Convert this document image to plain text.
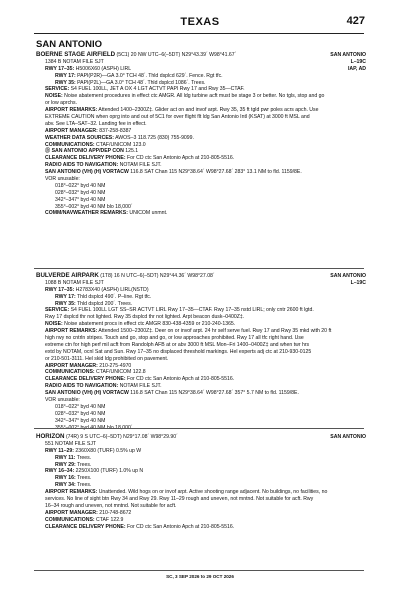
TEXAS	427
SAN ANTONIO
BOERNE STAGE AIRFIELD (5C1) 20 NW UTC–6(–5DT) N29°43.39´ W98°41.67´	SAN ANTONIO
1384 B NOTAM FILE SJT	L–19C
RWY 17–35: H5006X60 (ASPH) LIRL	IAP, AD
RWY 17: PAPI(P2R)—GA 3.0° TCH 48´. Thld dsplcd 629´. Fence. Rgt tfc.
RWY 35: PAPI(P2L)—GA 3.0° TCH 48´. Thld dsplcd 1086´. Trees.
SERVICE: S4 FUEL 100LL, JET A OX 4 LGT ACTVT PAPI Rwy 17 and Rwy 35—CTAF.
NOISE: Noise abatement procedures in effect ctc AMGR. All ldg turbine acft must be stage 3 or better. No tgls, stop and go
or low aprchs.
AIRPORT REMARKS: Attended 1400–2300Z‡. Glider act on and invof arpt. Rwy 35, 35 ft tgld pwr poles acrs apch. Use
EXTREME CAUTION when oprg into and out of 5C1 for over flight flt ldg San Antonio Intl (KSAT) at 3000 ft MSL and
abv. See LTA–SAT–32. Landing fee in effect.
AIRPORT MANAGER: 837-258-8387
WEATHER DATA SOURCES: AWOS–3 118.725 (830) 755-9099.
COMMUNICATIONS: CTAF/UNICOM 123.0
Ⓡ SAN ANTONIO APP/DEP CON 125.1
CLEARANCE DELIVERY PHONE: For CD ctc San Antonio Apch at 210-805-5516.
RADIO AIDS TO NAVIGATION: NOTAM FILE SJT.
SAN ANTONIO (VH) (H) VORTACW 116.8 SAT Chan 115 N29°38.64´ W98°27.68´ 283° 13.1 NM to fld. 1159/8E.
VOR unusable:
018°–022° byd 40 NM
028°–032° byd 40 NM
342°–347° byd 40 NM
355°–002° byd 40 NM blo 18,000´
COMM/NAVWEATHER REMARKS: UNICOM unmnt.
BULVERDE AIRPARK (1T8) 16 N UTC–6(–5DT) N29°44.36´ W98°27.08´	SAN ANTONIO
1088 B NOTAM FILE SJT	L–19C
RWY 17–35: H2783X40 (ASPH) LIRL(NSTD)
RWY 17: Thld dsplcd 490´. P–line. Rgt tfc.
RWY 35: Thld dsplcd 200´. Trees.
SERVICE: S4 FUEL 100LL LGT SS–SR ACTVT LIRL Rwy 17–35—CTAF. Rwy 17–35 nstd LIRL; only cntr 2600 ft lgtd.
Rwy 17 dsplcd thr not lighted. Rwy 35 dsplcd thr not lighted. Arpt beacon dusk–0400Z‡.
NOISE: Noise abatement procs in effect ctc AMGR 830-438-4359 or 210-240-1365.
AIRPORT REMARKS: Attended 1500–2300Z‡. Deer on or invof arpt. 24 hr self serve fuel. Rwy 17 and Rwy 35 mkd with 20 ft
high rwy no cntrln stripes. Touch and go, stop and go, or low approaches prohibited. Rwy 17 all tfc right hand. Use
extreme ctn for high perf mil acft from Randolph AFB at or abv 3000 ft MSL Mon–Fri 1400–0400Z‡ and when twr hrs
extd by NOTAM, ocnl Sat and Sun. Rwy 17–35 no displaced threshold markings. Hel experts adj ctc at 210-930-0125
or 210-501-3111. Hel skid ldg prohibited on pavement.
AIRPORT MANAGER: 210-275-4970
COMMUNICATIONS: CTAF/UNICOM 122.8
CLEARANCE DELIVERY PHONE: For CD ctc San Antonio Apch at 210-805-5516.
RADIO AIDS TO NAVIGATION: NOTAM FILE SJT.
SAN ANTONIO (VH) (H) VORTACW 116.8 SAT Chan 115 N29°38.64´ W98°27.68´ 357° 5.7 NM to fld. 1159/8E.
VOR unusable:
018°–022° byd 40 NM
028°–032° byd 40 NM
342°–347° byd 40 NM
355°–002° byd 40 NM blo 18,000´
HORIZON (74R) 9 S UTC–6(–5DT) N29°17.08´ W98°29.90´	SAN ANTONIO
551 NOTAM FILE SJT
RWY 11–29: 2360X80 (TURF) 0.5% up W
RWY 11: Trees.
RWY 29: Trees.
RWY 16–34: 2250X100 (TURF) 1.0% up N
RWY 16: Trees.
RWY 34: Trees.
AIRPORT REMARKS: Unattended. Wild hogs on or invof arpt. Active shooting range adjacent. No buildings, no facilities, no
services. No line of sight btn Rwy 34 and Rwy 29. Rwy 11–29 rough and uneven, not mntnd. Not suitable for acft. Rwy
16–34 rough and uneven, not mntnd. Not suitable for acft.
AIRPORT MANAGER: 210-748-8672
COMMUNICATIONS: CTAF 122.9
CLEARANCE DELIVERY PHONE: For CD ctc San Antonio Apch at 210-805-5516.
SC, 3 SEP 2026 to 29 OCT 2026
